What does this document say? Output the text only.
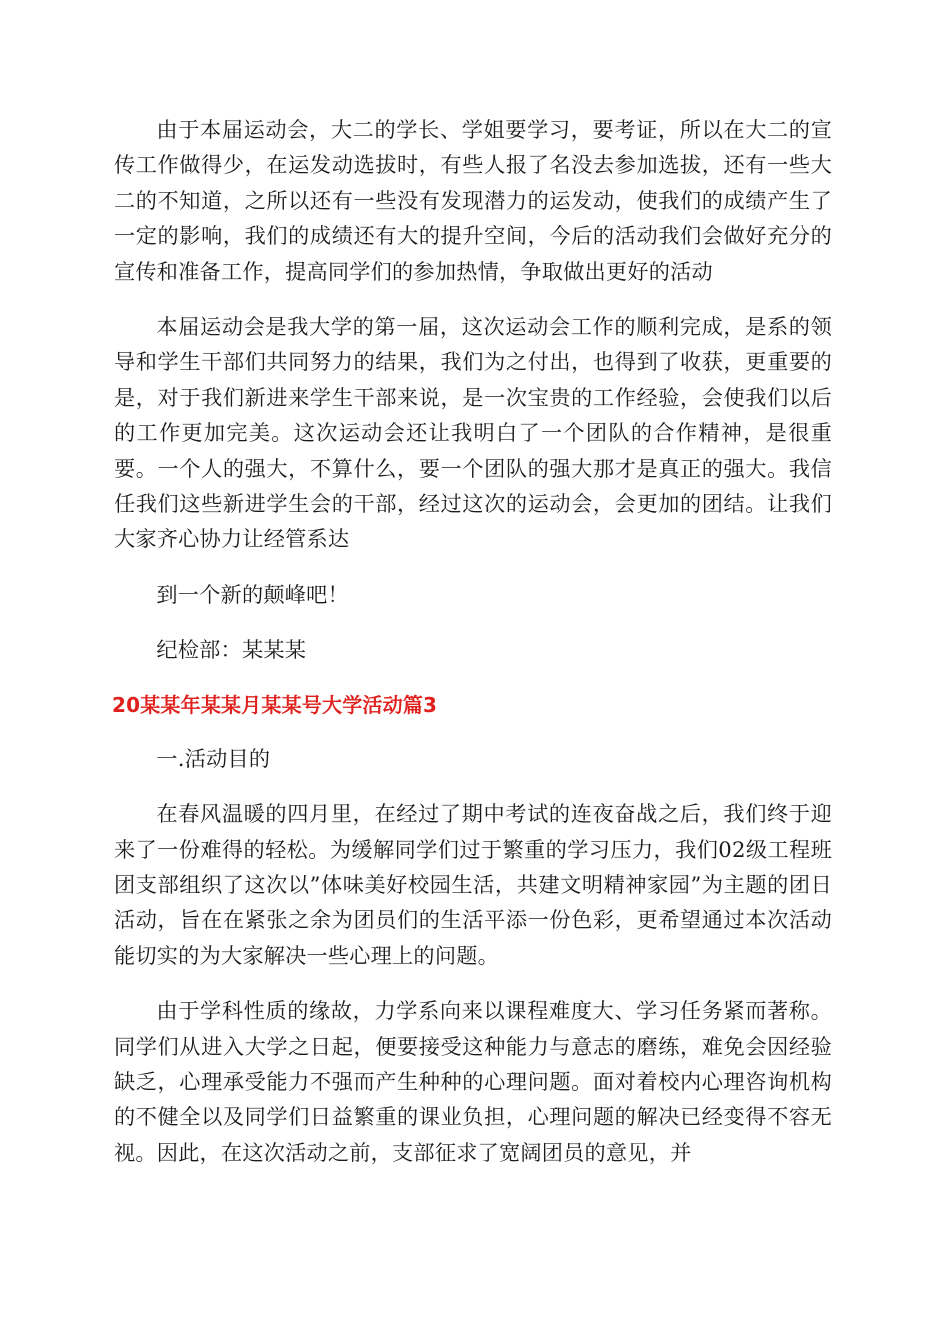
由于本届运动会，大二的学长、学姐要学习，要考证，所以在大二的宣传工作做得少，在运发动选拔时，有些人报了名没去参加选拔，还有一些大二的不知道，之所以还有一些没有发现潜力的运发动，使我们的成绩产生了一定的影响，我们的成绩还有大的提升空间，今后的活动我们会做好充分的宣传和准备工作，提高同学们的参加热情，争取做出更好的活动

本届运动会是我大学的第一届，这次运动会工作的顺利完成，是系的领导和学生干部们共同努力的结果，我们为之付出，也得到了收获，更重要的是，对于我们新进来学生干部来说，是一次宝贵的工作经验，会使我们以后的工作更加完美。这次运动会还让我明白了一个团队的合作精神，是很重要。一个人的强大，不算什么，要一个团队的强大那才是真正的强大。我信任我们这些新进学生会的干部，经过这次的运动会，会更加的团结。让我们大家齐心协力让经管系达

到一个新的颠峰吧！

纪检部：某某某

20某某年某某月某某号大学活动篇3

一.活动目的

在春风温暖的四月里，在经过了期中考试的连夜奋战之后，我们终于迎来了一份难得的轻松。为缓解同学们过于繁重的学习压力，我们02级工程班团支部组织了这次以”体味美好校园生活，共建文明精神家园”为主题的团日活动，旨在在紧张之余为团员们的生活平添一份色彩，更希望通过本次活动能切实的为大家解决一些心理上的问题。

由于学科性质的缘故，力学系向来以课程难度大、学习任务紧而著称。同学们从进入大学之日起，便要接受这种能力与意志的磨练，难免会因经验缺乏，心理承受能力不强而产生种种的心理问题。面对着校内心理咨询机构的不健全以及同学们日益繁重的课业负担，心理问题的解决已经变得不容无视。因此，在这次活动之前，支部征求了宽阔团员的意见，并
